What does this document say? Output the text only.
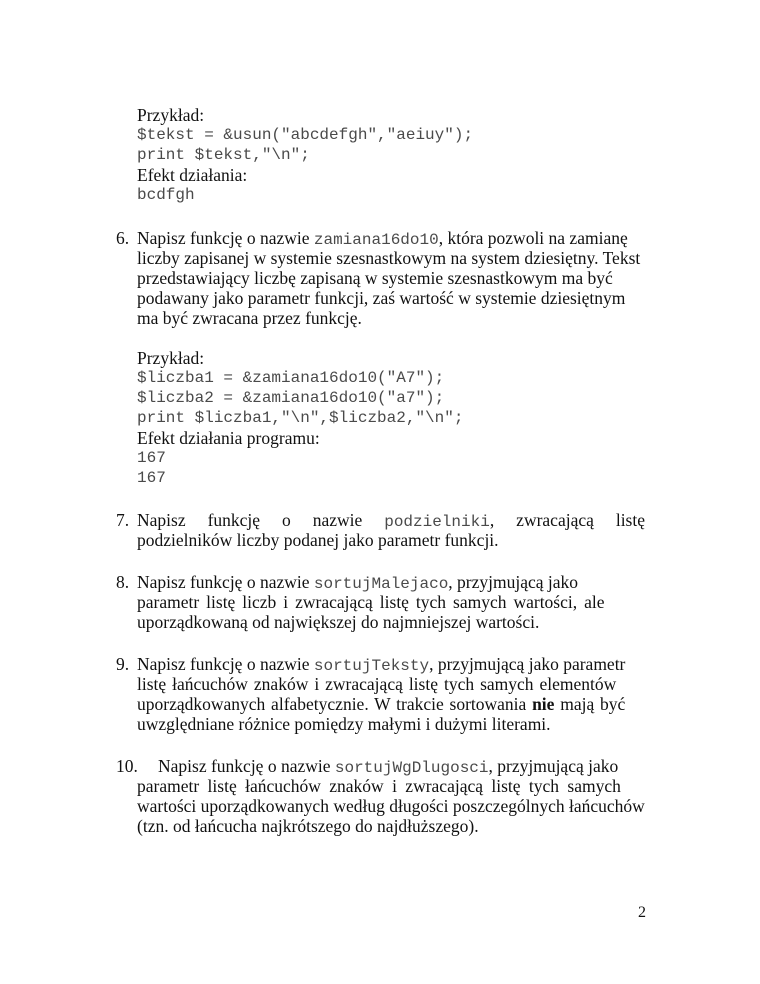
Przykład:
$tekst = &usun("abcdefgh","aeiuy");
print $tekst,"\n";
Efekt działania:
bcdfgh
6. Napisz funkcję o nazwie zamiana16do10, która pozwoli na zamianę
liczby zapisanej w systemie szesnastkowym na system dziesiętny. Tekst
przedstawiający liczbę zapisaną w systemie szesnastkowym ma być
podawany jako parametr funkcji, zaś wartość w systemie dziesiętnym
ma być zwracana przez funkcję.
Przykład:
$liczba1 = &zamiana16do10("A7");
$liczba2 = &zamiana16do10("a7");
print $liczba1,"\n",$liczba2,"\n";
Efekt działania programu:
167
167
7. Napisz funkcję o nazwie podzielniki, zwracającą listę
podzielników liczby podanej jako parametr funkcji.
8. Napisz funkcję o nazwie sortujMalejaco, przyjmującą jako
parametr listę liczb i zwracającą listę tych samych wartości, ale
uporządkowaną od największej do najmniejszej wartości.
9. Napisz funkcję o nazwie sortujTeksty, przyjmującą jako parametr
listę łańcuchów znaków i zwracającą listę tych samych elementów
uporządkowanych alfabetycznie. W trakcie sortowania nie mają być
uwzględniane różnice pomiędzy małymi i dużymi literami.
10. Napisz funkcję o nazwie sortujWgDlugosci, przyjmującą jako
parametr listę łańcuchów znaków i zwracającą listę tych samych
wartości uporządkowanych według długości poszczególnych łańcuchów
(tzn. od łańcucha najkrótszego do najdłuższego).
2
